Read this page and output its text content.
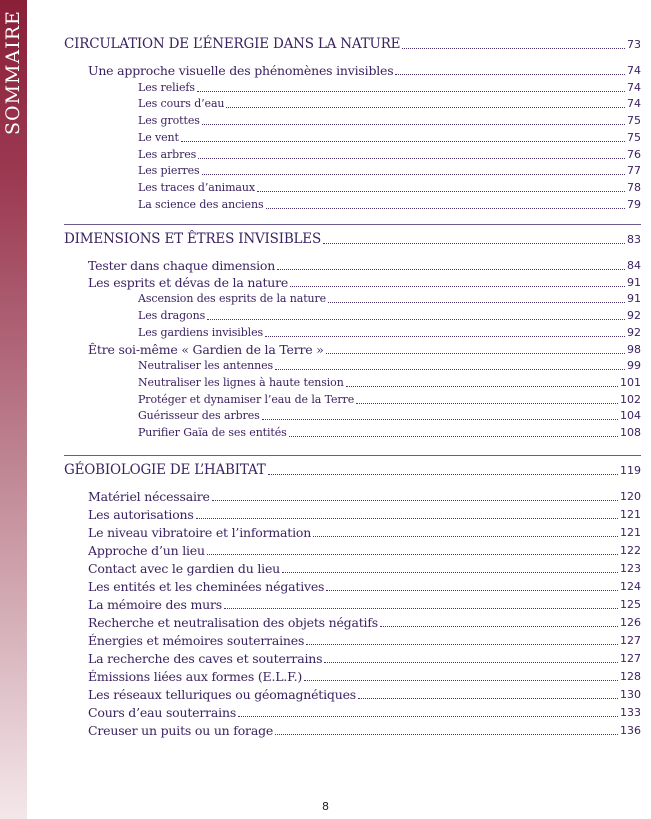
SOMMAIRE	CIRCULATION DE L’ÉNERGIE DANS LA NATURE	73
Une approche visuelle des phénomènes invisibles	74
Les reliefs	74
Les cours d’eau	74
Les grottes	75
Le vent	75
Les arbres	76
Les pierres	77
Les traces d’animaux	78
La science des anciens	79
DIMENSIONS ET ÊTRES INVISIBLES	83
Tester dans chaque dimension	84
Les esprits et dévas de la nature	91
Ascension des esprits de la nature	91
Les dragons	92
Les gardiens invisibles	92
Être soi-même « Gardien de la Terre »	98
Neutraliser les antennes	99
Neutraliser les lignes à haute tension	101
Protéger et dynamiser l’eau de la Terre	102
Guérisseur des arbres	104
Purifier Gaïa de ses entités	108
GÉOBIOLOGIE DE L’HABITAT	119
Matériel nécessaire	120
Les autorisations	121
Le niveau vibratoire et l’information	121
Approche d’un lieu	122
Contact avec le gardien du lieu	123
Les entités et les cheminées négatives	124
La mémoire des murs	125
Recherche et neutralisation des objets négatifs	126
Énergies et mémoires souterraines	127
La recherche des caves et souterrains	127
Émissions liées aux formes (E.L.F.)	128
Les réseaux telluriques ou géomagnétiques	130
Cours d’eau souterrains	133
Creuser un puits ou un forage	136
8
